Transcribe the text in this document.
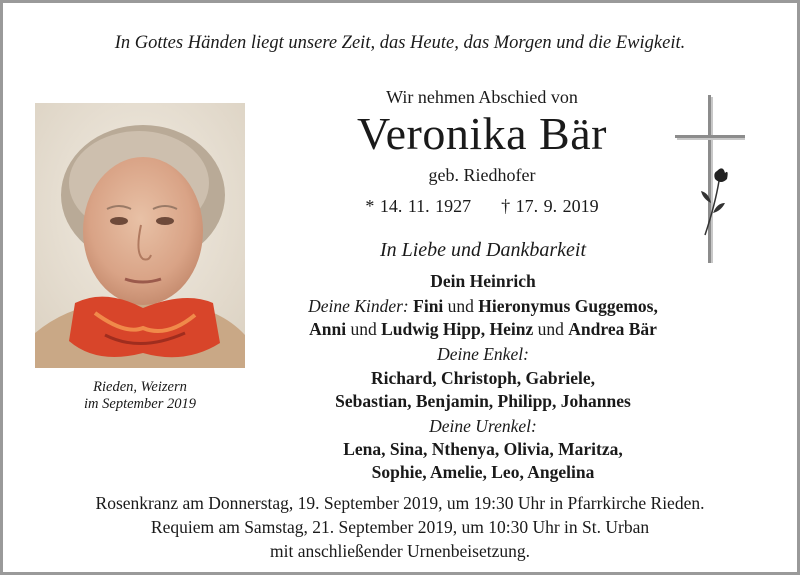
In Gottes Händen liegt unsere Zeit, das Heute, das Morgen und die Ewigkeit.
Rieden, Weizern
im September 2019
Wir nehmen Abschied von
Veronika Bär
geb. Riedhofer
* 14. 11. 1927 † 17. 9. 2019
In Liebe und Dankbarkeit
Dein Heinrich
Deine Kinder: Fini und Hieronymus Guggemos,
Anni und Ludwig Hipp, Heinz und Andrea Bär
Deine Enkel:
Richard, Christoph, Gabriele,
Sebastian, Benjamin, Philipp, Johannes
Deine Urenkel:
Lena, Sina, Nthenya, Olivia, Maritza,
Sophie, Amelie, Leo, Angelina
Rosenkranz am Donnerstag, 19. September 2019, um 19:30 Uhr in Pfarrkirche Rieden.
Requiem am Samstag, 21. September 2019, um 10:30 Uhr in St. Urban
mit anschließender Urnenbeisetzung.
